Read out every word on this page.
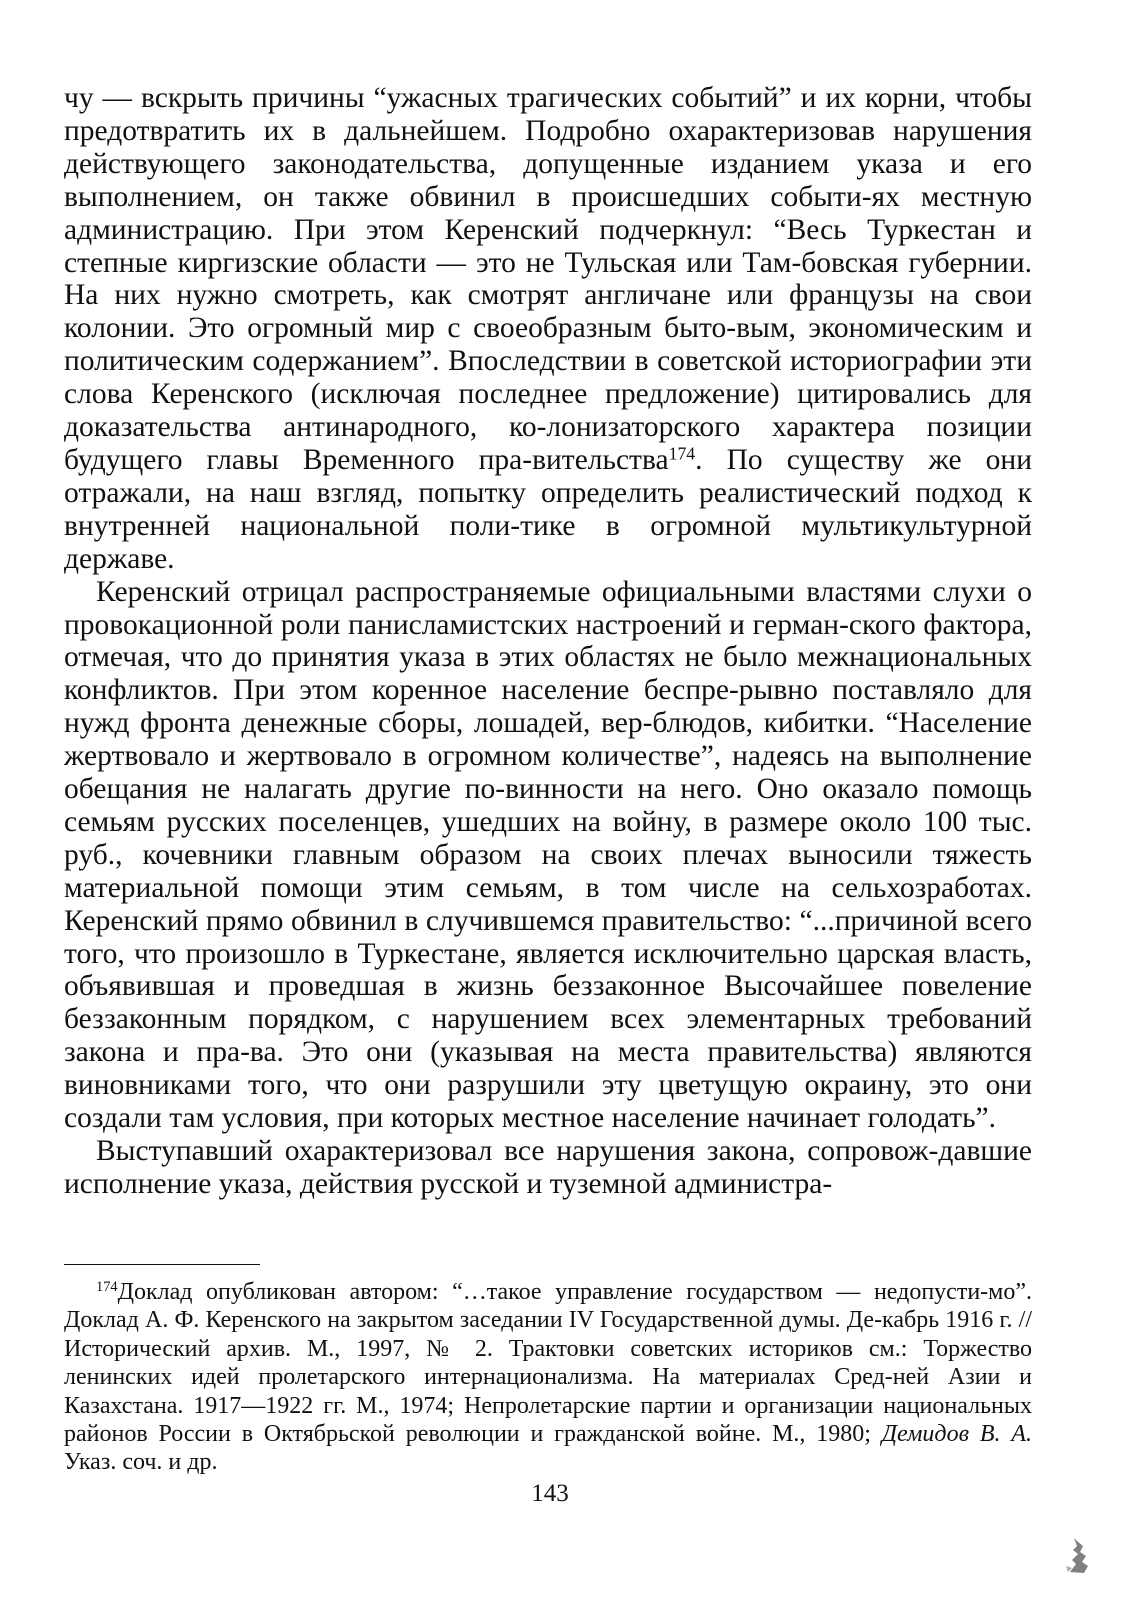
чу — вскрыть причины “ужасных трагических событий” и их корни, чтобы предотвратить их в дальнейшем. Подробно охарактеризовав нарушения действующего законодательства, допущенные изданием указа и его выполнением, он также обвинил в происшедших событи-ях местную администрацию. При этом Керенский подчеркнул: “Весь Туркестан и степные киргизские области — это не Тульская или Там-бовская губернии. На них нужно смотреть, как смотрят англичане или французы на свои колонии. Это огромный мир с своеобразным быто-вым, экономическим и политическим содержанием”. Впоследствии в советской историографии эти слова Керенского (исключая последнее предложение) цитировались для доказательства антинародного, ко-лонизаторского характера позиции будущего главы Временного пра-вительства$^{174}$. По существу же они отражали, на наш взгляд, попытку определить реалистический подход к внутренней национальной поли-тике в огромной мультикультурной державе.

Керенский отрицал распространяемые официальными властями слухи о провокационной роли панисламистских настроений и герман-ского фактора, отмечая, что до принятия указа в этих областях не было межнациональных конфликтов. При этом коренное население беспре-рывно поставляло для нужд фронта денежные сборы, лошадей, вер-блюдов, кибитки. “Население жертвовало и жертвовало в огромном количестве”, надеясь на выполнение обещания не налагать другие по-винности на него. Оно оказало помощь семьям русских поселенцев, ушедших на войну, в размере около 100 тыс. руб., кочевники главным образом на своих плечах выносили тяжесть материальной помощи этим семьям, в том числе на сельхозработах. Керенский прямо обвинил в случившемся правительство: “...причиной всего того, что произошло в Туркестане, является исключительно царская власть, объявившая и проведшая в жизнь беззаконное Высочайшее повеление беззаконным порядком, с нарушением всех элементарных требований закона и пра-ва. Это они (указывая на места правительства) являются виновниками того, что они разрушили эту цветущую окраину, это они создали там условия, при которых местное население начинает голодать”.

Выступавший охарактеризовал все нарушения закона, сопровож-давшие исполнение указа, действия русской и туземной администра-

$^{174}$Доклад опубликован автором: “…такое управление государством — недопусти-мо”. Доклад А. Ф. Керенского на закрытом заседании IV Государственной думы. Де-кабрь 1916 г. // Исторический архив. М., 1997, № 2. Трактовки советских историков см.: Торжество ленинских идей пролетарского интернационализма. На материалах Сред-ней Азии и Казахстана. 1917—1922 гг. М., 1974; Непролетарские партии и организации национальных районов России в Октябрьской революции и гражданской войне. М., 1980; Демидов В. А. Указ. соч. и др.

143
